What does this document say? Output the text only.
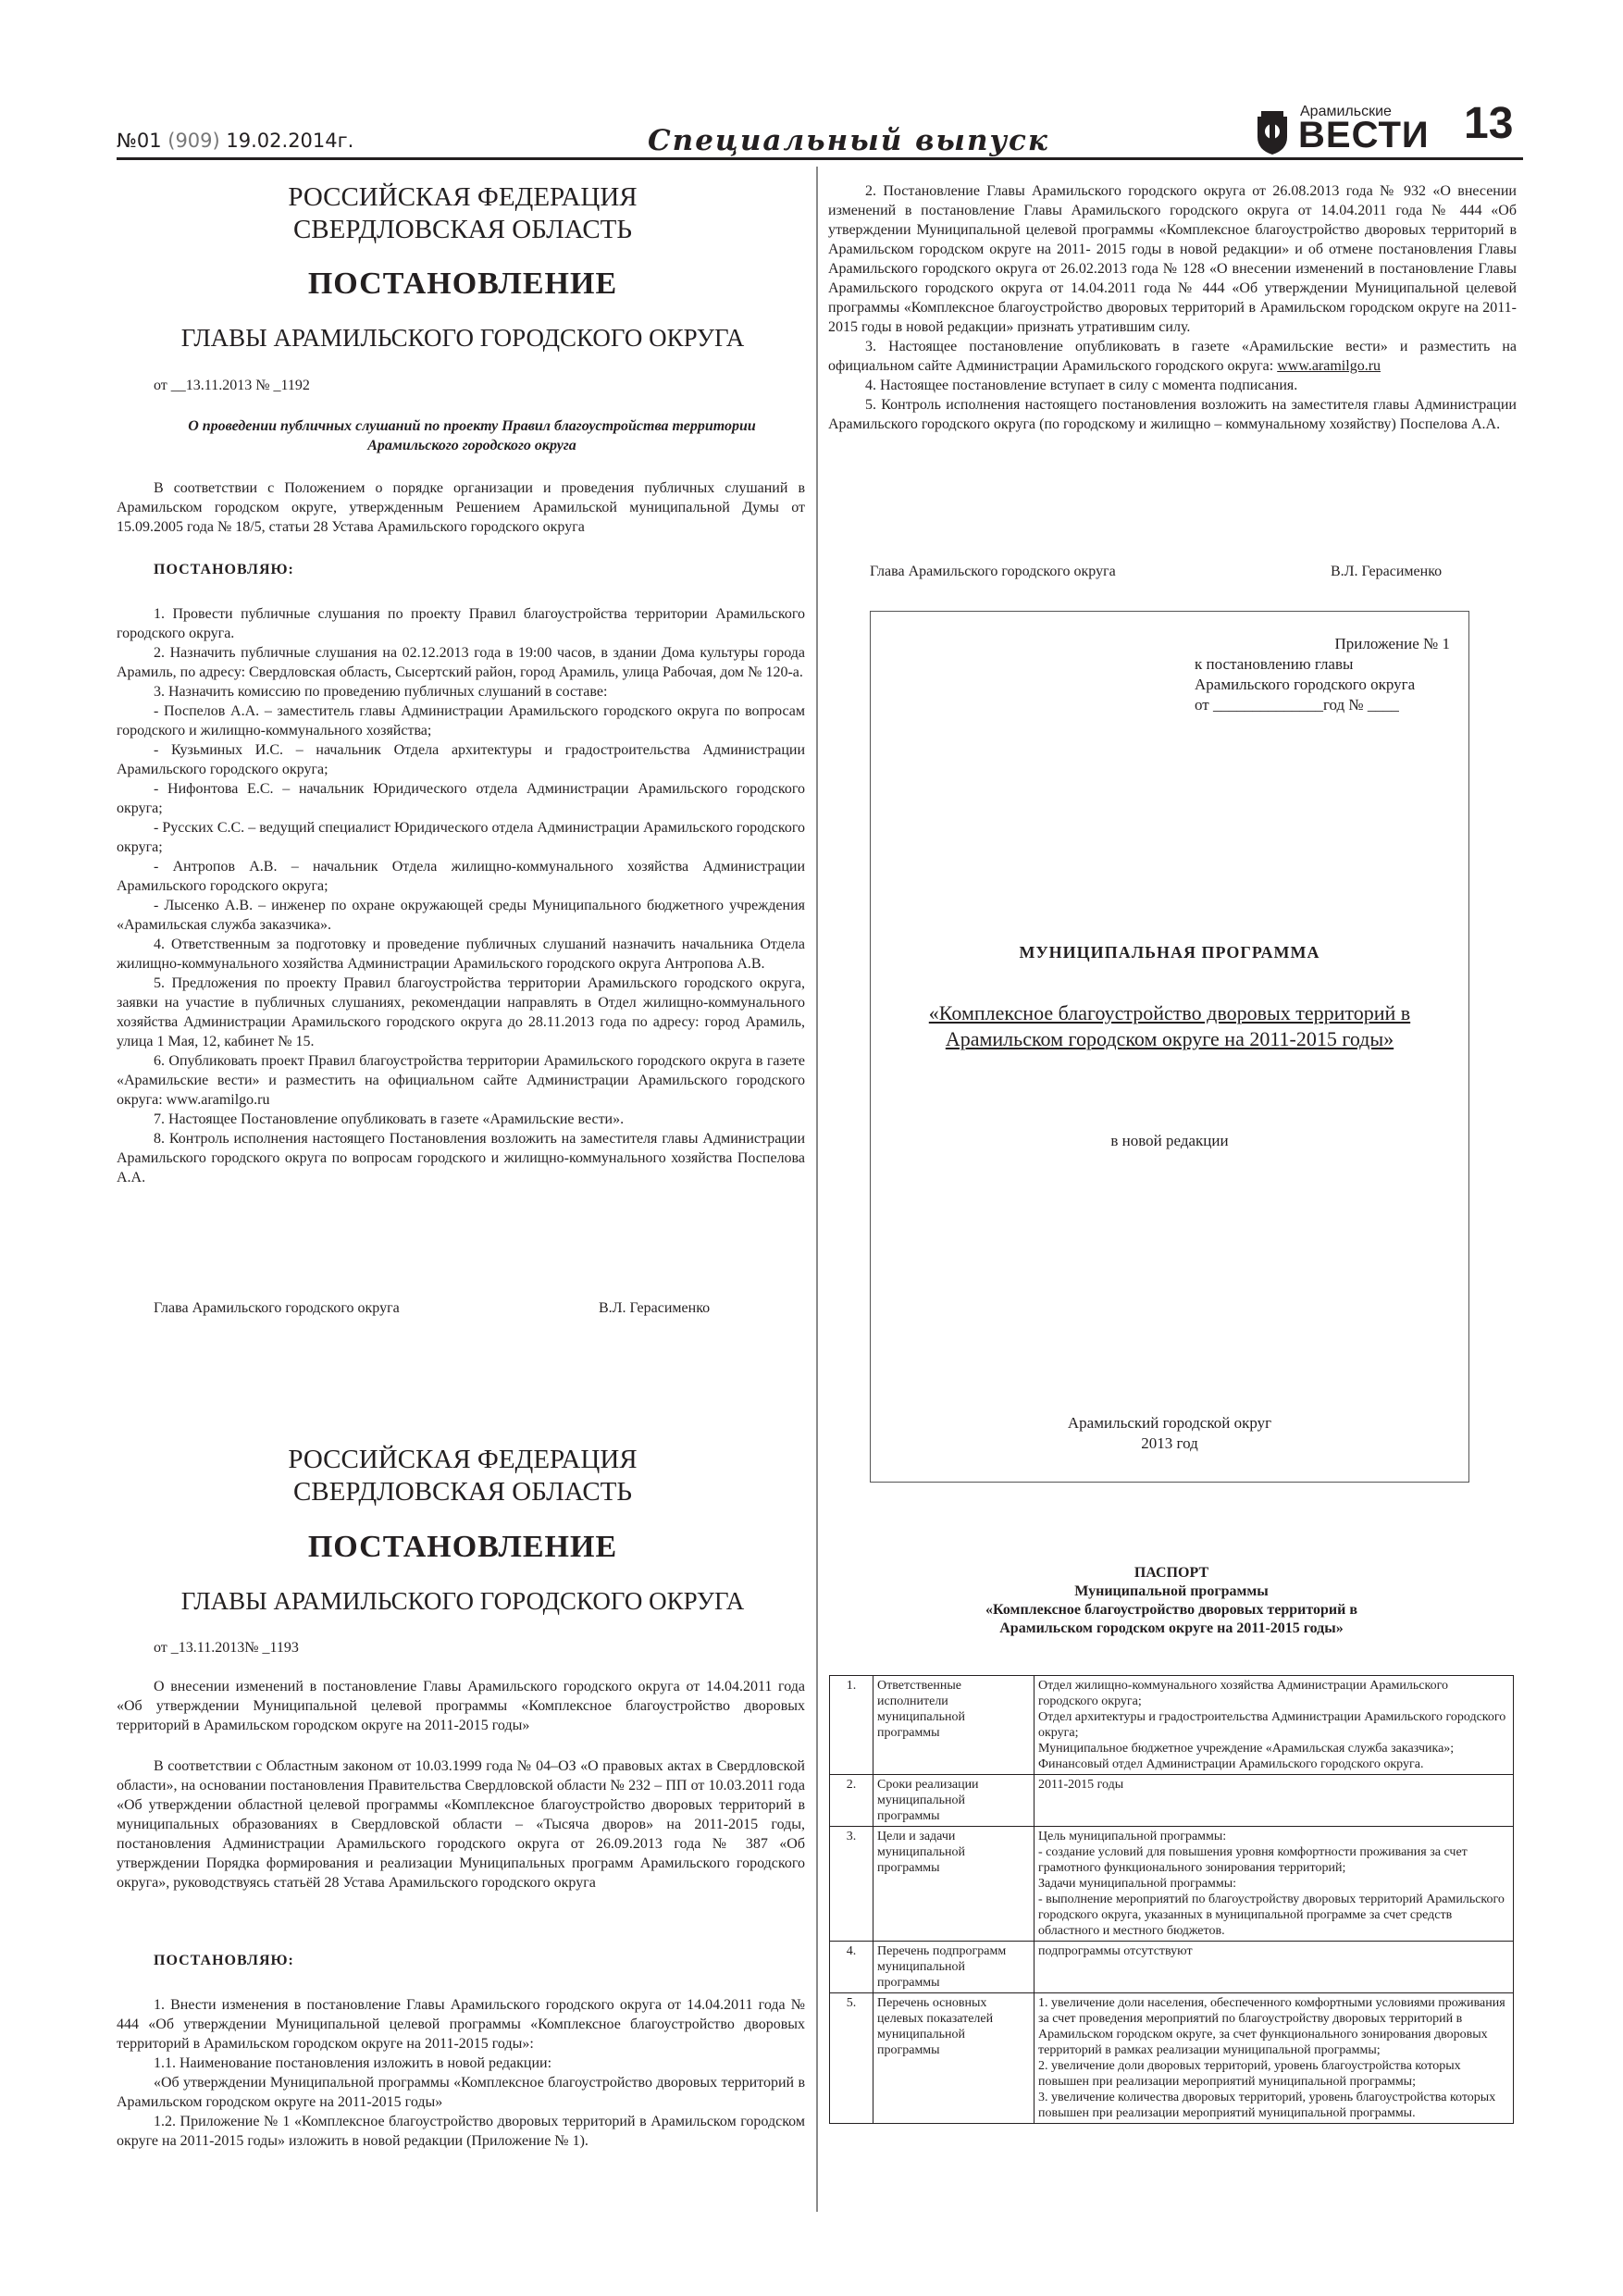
№01 (909) 19.02.2014г.	Специальный выпуск
Арамильские
ВЕСТИ 13
РОССИЙСКАЯ ФЕДЕРАЦИЯ
СВЕРДЛОВСКАЯ ОБЛАСТЬ
ПОСТАНОВЛЕНИЕ
ГЛАВЫ АРАМИЛЬСКОГО ГОРОДСКОГО ОКРУГА
от __13.11.2013 № _1192
О проведении публичных слушаний по проекту Правил благоустройства территории Арамильского городского округа

В соответствии с Положением о порядке организации и проведения публичных слушаний в Арамильском городском округе, утвержденным Решением Арамильской муниципальной Думы от 15.09.2005 года № 18/5, статьи 28 Устава Арамильского городского округа

ПОСТАНОВЛЯЮ:

1. Провести публичные слушания по проекту Правил благоустройства территории Арамильского городского округа.

2. Назначить публичные слушания на 02.12.2013 года в 19:00 часов, в здании Дома культуры города Арамиль, по адресу: Свердловская область, Сысертский район, город Арамиль, улица Рабочая, дом № 120-а.

3. Назначить комиссию по проведению публичных слушаний в составе:

- Поспелов А.А. – заместитель главы Администрации Арамильского городского округа по вопросам городского и жилищно-коммунального хозяйства;

- Кузьминых И.С. – начальник Отдела архитектуры и градостроительства Администрации Арамильского городского округа;

- Нифонтова Е.С. – начальник Юридического отдела Администрации Арамильского городского округа;

- Русских С.С. – ведущий специалист Юридического отдела Администрации Арамильского городского округа;

- Антропов А.В. – начальник Отдела жилищно-коммунального хозяйства Администрации Арамильского городского округа;

- Лысенко А.В. – инженер по охране окружающей среды Муниципального бюджетного учреждения «Арамильская служба заказчика».

4. Ответственным за подготовку и проведение публичных слушаний назначить начальника Отдела жилищно-коммунального хозяйства Администрации Арамильского городского округа Антропова А.В.

5. Предложения по проекту Правил благоустройства территории Арамильского городского округа, заявки на участие в публичных слушаниях, рекомендации направлять в Отдел жилищно-коммунального хозяйства Администрации Арамильского городского округа до 28.11.2013 года по адресу: город Арамиль, улица 1 Мая, 12, кабинет № 15.

6. Опубликовать проект Правил благоустройства территории Арамильского городского округа в газете «Арамильские вести» и разместить на официальном сайте Администрации Арамильского городского округа: www.aramilgo.ru

7. Настоящее Постановление опубликовать в газете «Арамильские вести».

8. Контроль исполнения настоящего Постановления возложить на заместителя главы Администрации Арамильского городского округа по вопросам городского и жилищно-коммунального хозяйства Поспелова А.А.

Глава Арамильского городского округа	В.Л. Герасименко
РОССИЙСКАЯ ФЕДЕРАЦИЯ
СВЕРДЛОВСКАЯ ОБЛАСТЬ
ПОСТАНОВЛЕНИЕ
ГЛАВЫ АРАМИЛЬСКОГО ГОРОДСКОГО ОКРУГА
от _13.11.2013№ _1193

О внесении изменений в постановление Главы Арамильского городского округа от 14.04.2011 года «Об утверждении Муниципальной целевой программы «Комплексное благоустройство дворовых территорий в Арамильском городском округе на 2011-2015 годы»

В соответствии с Областным законом от 10.03.1999 года № 04–ОЗ «О правовых актах в Свердловской области», на основании постановления Правительства Свердловской области № 232 – ПП от 10.03.2011 года «Об утверждении областной целевой программы «Комплексное благоустройство дворовых территорий в муниципальных образованиях в Свердловской области – «Тысяча дворов» на 2011-2015 годы, постановления Администрации Арамильского городского округа от 26.09.2013 года № 387 «Об утверждении Порядка формирования и реализации Муниципальных программ Арамильского городского округа», руководствуясь статьёй 28 Устава Арамильского городского округа

ПОСТАНОВЛЯЮ:

1. Внести изменения в постановление Главы Арамильского городского округа от 14.04.2011 года № 444 «Об утверждении Муниципальной целевой программы «Комплексное благоустройство дворовых территорий в Арамильском городском округе на 2011-2015 годы»:

1.1. Наименование постановления изложить в новой редакции:

«Об утверждении Муниципальной программы «Комплексное благоустройство дворовых территорий в Арамильском городском округе на 2011-2015 годы»

1.2. Приложение № 1 «Комплексное благоустройство дворовых территорий в Арамильском городском округе на 2011-2015 годы» изложить в новой редакции (Приложение № 1).

2. Постановление Главы Арамильского городского округа от 26.08.2013 года № 932 «О внесении изменений в постановление Главы Арамильского городского округа от 14.04.2011 года № 444 «Об утверждении Муниципальной целевой программы «Комплексное благоустройство дворовых территорий в Арамильском городском округе на 2011- 2015 годы в новой редакции» и об отмене постановления Главы Арамильского городского округа от 26.02.2013 года № 128 «О внесении изменений в постановление Главы Арамильского городского округа от 14.04.2011 года № 444 «Об утверждении Муниципальной целевой программы «Комплексное благоустройство дворовых территорий в Арамильском городском округе на 2011- 2015 годы в новой редакции» признать утратившим силу.

3. Настоящее постановление опубликовать в газете «Арамильские вести» и разместить на официальном сайте Администрации Арамильского городского округа: www.aramilgo.ru

4. Настоящее постановление вступает в силу с момента подписания.

5. Контроль исполнения настоящего постановления возложить на заместителя главы Администрации Арамильского городского округа (по городскому и жилищно – коммунальному хозяйству) Поспелова А.А.

Глава Арамильского городского округа	В.Л. Герасименко
Приложение № 1
к постановлению главы
Арамильского городского округа
от ______________год № ____
МУНИЦИПАЛЬНАЯ ПРОГРАММА
«Комплексное благоустройство дворовых территорий в
Арамильском городском округе на 2011-2015 годы»
в новой редакции
Арамильский городской округ
2013 год
ПАСПОРТ
Муниципальной программы
«Комплексное благоустройство дворовых территорий в
Арамильском городском округе на 2011-2015 годы»
1.	Ответственные исполнители муниципальной программы	Отдел жилищно-коммунального хозяйства Администрации Арамильского городского округа;
Отдел архитектуры и градостроительства Администрации Арамильского городского округа;
Муниципальное бюджетное учреждение «Арамильская служба заказчика»;
Финансовый отдел Администрации Арамильского городского округа.
2.	Сроки реализации муниципальной программы	2011-2015 годы
3.	Цели и задачи муниципальной программы	Цель муниципальной программы:
- создание условий для повышения уровня комфортности проживания за счет грамотного функционального зонирования территорий;
Задачи муниципальной программы:
- выполнение мероприятий по благоустройству дворовых территорий Арамильского городского округа, указанных в муниципальной программе за счет средств областного и местного бюджетов.
4.	Перечень подпрограмм муниципальной программы	подпрограммы отсутствуют
5.	Перечень основных целевых показателей муниципальной программы	1. увеличение доли населения, обеспеченного комфортными условиями проживания за счет проведения мероприятий по благоустройству дворовых территорий в Арамильском городском округе, за счет функционального зонирования дворовых территорий в рамках реализации муниципальной программы;
2. увеличение доли дворовых территорий, уровень благоустройства которых повышен при реализации мероприятий муниципальной программы;
3. увеличение количества дворовых территорий, уровень благоустройства которых повышен при реализации мероприятий муниципальной программы.
